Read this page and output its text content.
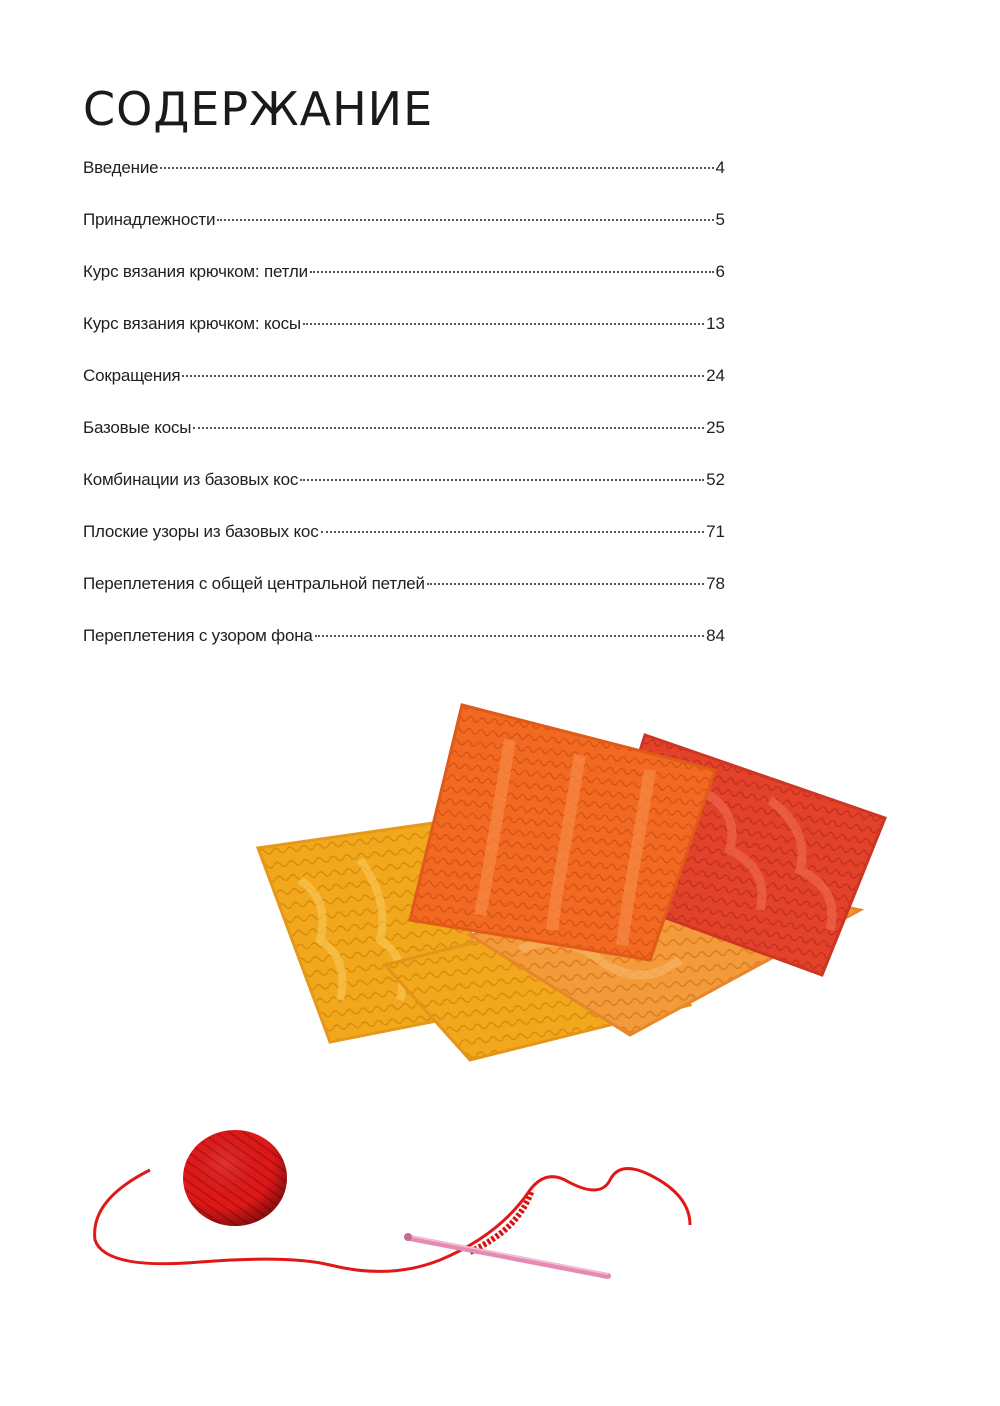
СОДЕРЖАНИЕ
Введение	4
Принадлежности	5
Курс вязания крючком: петли	6
Курс вязания крючком: косы	13
Сокращения	24
Базовые косы	25
Комбинации из базовых кос	52
Плоские узоры из базовых кос	71
Переплетения с общей центральной петлей	78
Переплетения с узором фона	84
